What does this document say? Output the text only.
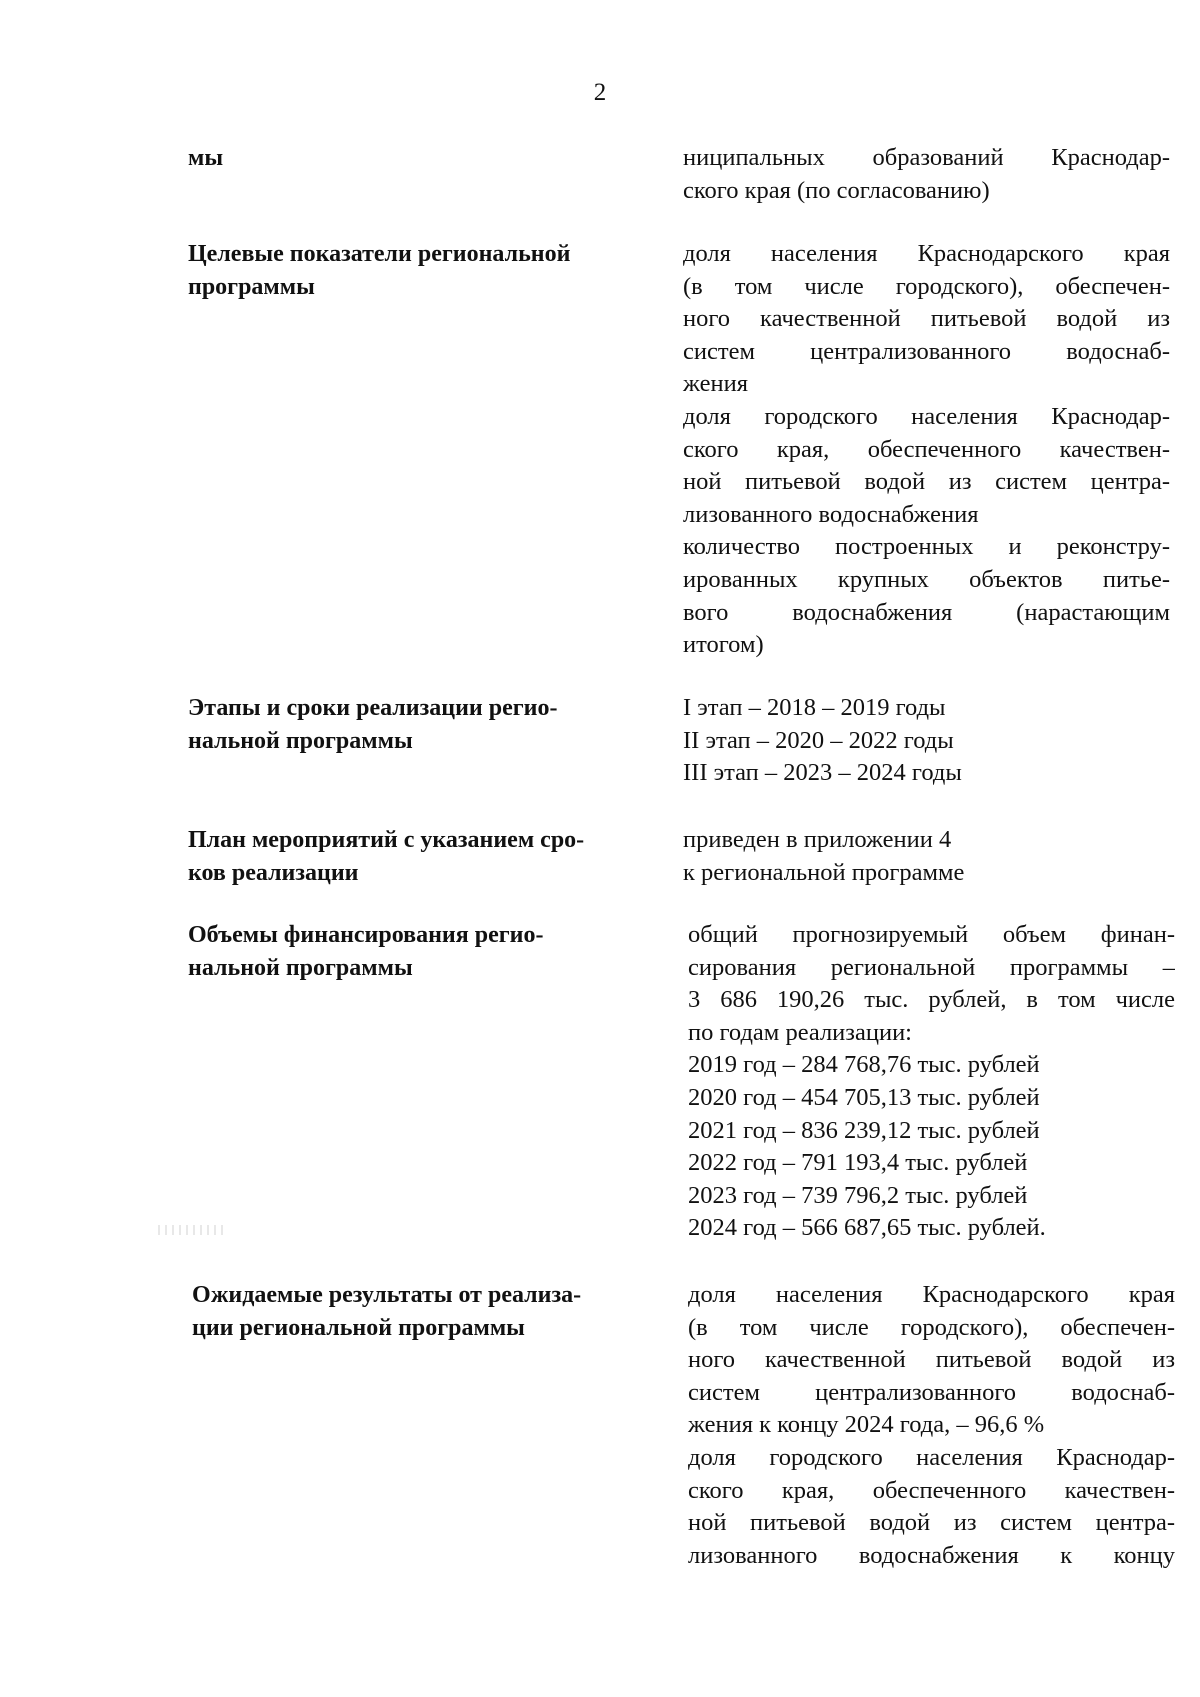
2
мы	ниципальных образований Краснодар-
ского края (по согласованию)
Целевые показатели региональной
программы
доля населения Краснодарского края
(в том числе городского), обеспечен-
ного качественной питьевой водой из
систем централизованного водоснаб-
жения
доля городского населения Краснодар-
ского края, обеспеченного качествен-
ной питьевой водой из систем центра-
лизованного водоснабжения
количество построенных и реконстру-
ированных крупных объектов питье-
вого водоснабжения (нарастающим
итогом)
Этапы и сроки реализации регио-
нальной программы
I этап – 2018 – 2019 годы
II этап – 2020 – 2022 годы
III этап – 2023 – 2024 годы
План мероприятий с указанием сро-
ков реализации
приведен в приложении 4
к региональной программе
Объемы финансирования регио-
нальной программы
общий прогнозируемый объем финан-
сирования региональной программы –
3 686 190,26 тыс. рублей, в том числе
по годам реализации:
2019 год – 284 768,76 тыс. рублей
2020 год – 454 705,13 тыс. рублей
2021 год – 836 239,12 тыс. рублей
2022 год – 791 193,4 тыс. рублей
2023 год – 739 796,2 тыс. рублей
2024 год – 566 687,65 тыс. рублей.
Ожидаемые результаты от реализа-
ции региональной программы
доля населения Краснодарского края
(в том числе городского), обеспечен-
ного качественной питьевой водой из
систем централизованного водоснаб-
жения к концу 2024 года, – 96,6 %
доля городского населения Краснодар-
ского края, обеспеченного качествен-
ной питьевой водой из систем центра-
лизованного водоснабжения к концу
